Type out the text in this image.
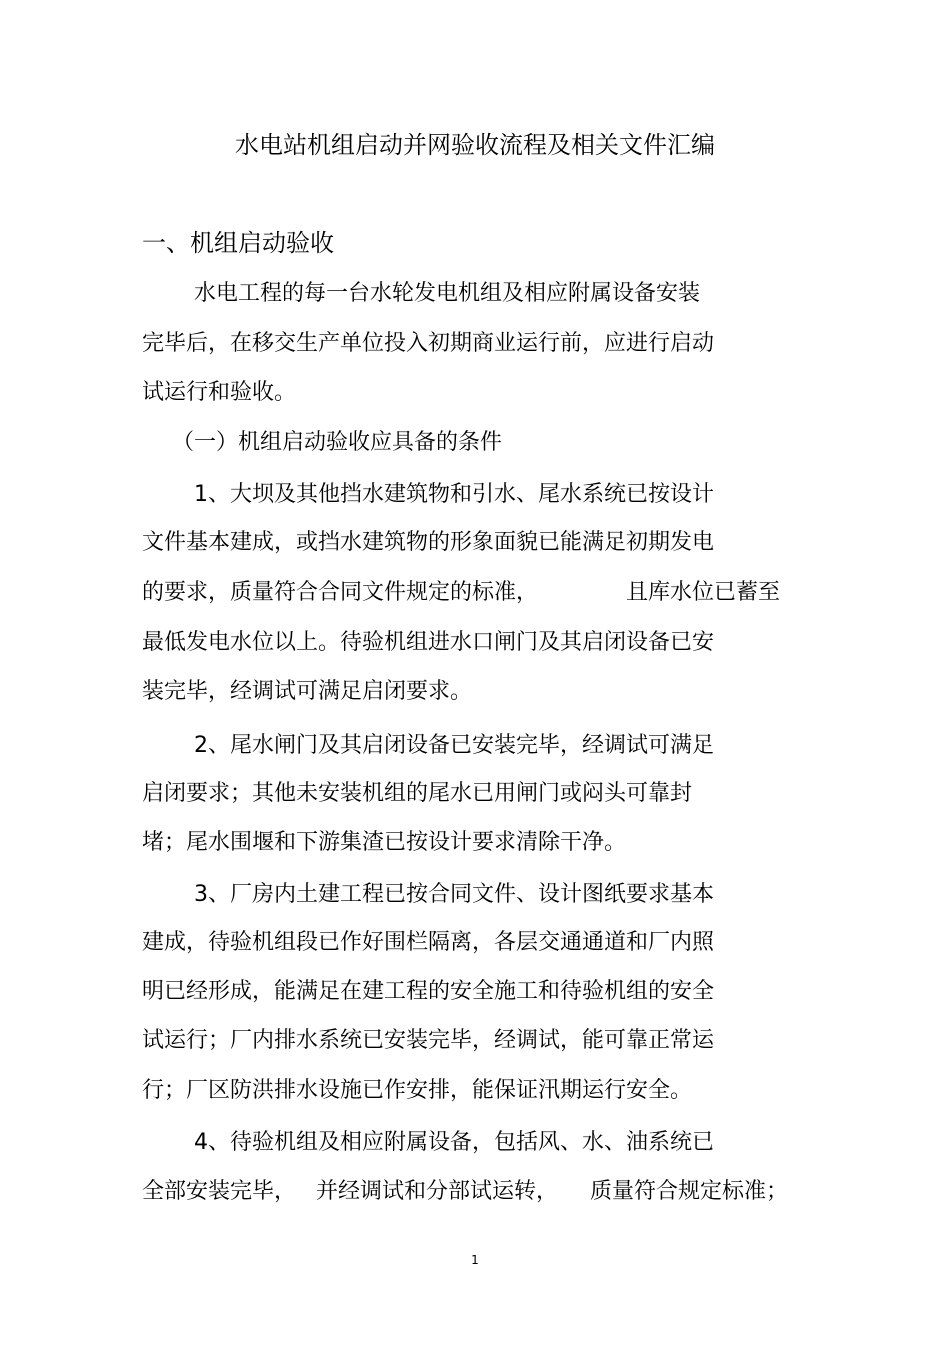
水电站机组启动并网验收流程及相关文件汇编
一、机组启动验收
水电工程的每一台水轮发电机组及相应附属设备安装
完毕后，在移交生产单位投入初期商业运行前，应进行启动
试运行和验收。
（一）机组启动验收应具备的条件
1、大坝及其他挡水建筑物和引水、尾水系统已按设计
文件基本建成，或挡水建筑物的形象面貌已能满足初期发电
的要求，质量符合合同文件规定的标准，	且库水位已蓄至
最低发电水位以上。待验机组进水口闸门及其启闭设备已安
装完毕，经调试可满足启闭要求。
2、尾水闸门及其启闭设备已安装完毕，经调试可满足
启闭要求；其他未安装机组的尾水已用闸门或闷头可靠封
堵；尾水围堰和下游集渣已按设计要求清除干净。
3、厂房内土建工程已按合同文件、设计图纸要求基本
建成，待验机组段已作好围栏隔离，各层交通通道和厂内照
明已经形成，能满足在建工程的安全施工和待验机组的安全
试运行；厂内排水系统已安装完毕，经调试，能可靠正常运
行；厂区防洪排水设施已作安排，能保证汛期运行安全。
4、待验机组及相应附属设备，包括风、水、油系统已
全部安装完毕， 并经调试和分部试运转， 质量符合规定标准；
1
